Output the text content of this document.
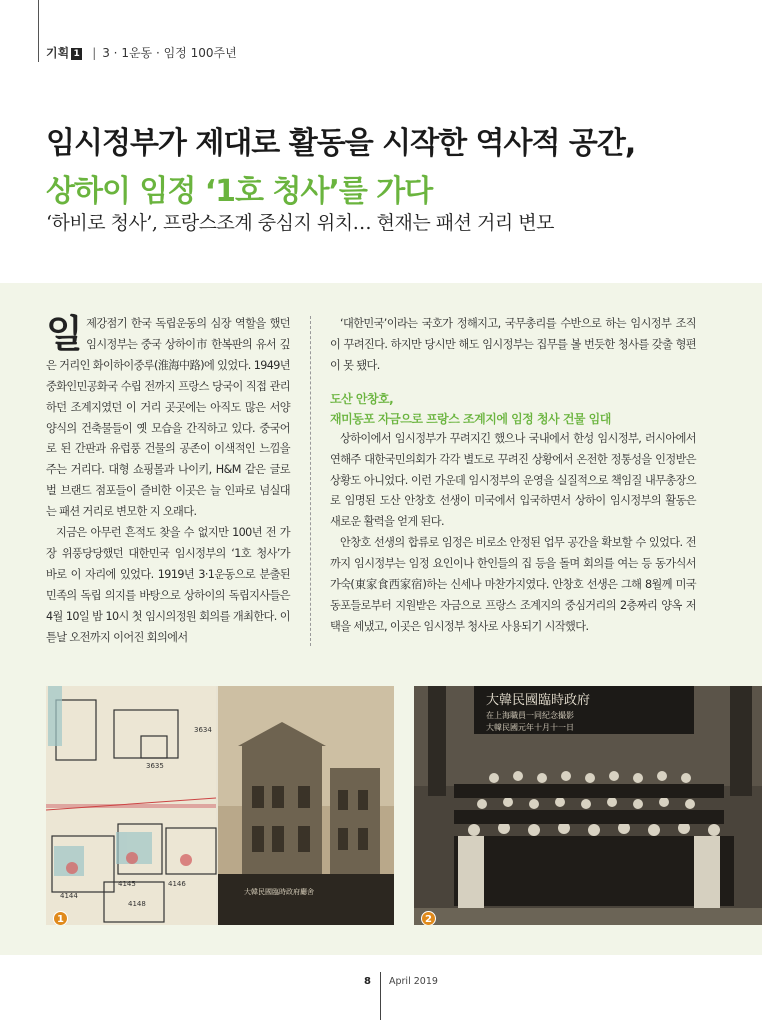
기획 1 | 3 · 1운동 · 임정 100주년
임시정부가 제대로 활동을 시작한 역사적 공간,
상하이 임정 ‘1호 청사’를 가다
‘하비로 청사’, 프랑스조계 중심지 위치… 현재는 패션 거리 변모

일제강점기 한국 독립운동의 심장 역할을 했던 임시정부는 중국 상하이市 한복판의 유서 깊은 거리인 화이하이중루(淮海中路)에 있었다. 1949년 중화인민공화국 수립 전까지 프랑스 당국이 직접 관리하던 조계지였던 이 거리 곳곳에는 아직도 많은 서양 양식의 건축물들이 옛 모습을 간직하고 있다. 중국어로 된 간판과 유럽풍 건물의 공존이 이색적인 느낌을 주는 거리다. 대형 쇼핑몰과 나이키, H&M 같은 글로벌 브랜드 점포들이 즐비한 이곳은 늘 인파로 넘실대는 패션 거리로 변모한 지 오래다.

지금은 아무런 흔적도 찾을 수 없지만 100년 전 가장 위풍당당했던 대한민국 임시정부의 ‘1호 청사’가 바로 이 자리에 있었다. 1919년 3·1운동으로 분출된 민족의 독립 의지를 바탕으로 상하이의 독립지사들은 4월 10일 밤 10시 첫 임시의정원 회의를 개최한다. 이튿날 오전까지 이어진 회의에서

‘대한민국’이라는 국호가 정해지고, 국무총리를 수반으로 하는 임시정부 조직이 꾸려진다. 하지만 당시만 해도 임시정부는 집무를 볼 번듯한 청사를 갖출 형편이 못 됐다.

도산 안창호,
재미동포 자금으로 프랑스 조계지에 임정 청사 건물 임대

상하이에서 임시정부가 꾸려지긴 했으나 국내에서 한성 임시정부, 러시아에서 연해주 대한국민의회가 각각 별도로 꾸려진 상황에서 온전한 정통성을 인정받은 상황도 아니었다. 이런 가운데 임시정부의 운영을 실질적으로 책임질 내무총장으로 임명된 도산 안창호 선생이 미국에서 입국하면서 상하이 임시정부의 활동은 새로운 활력을 얻게 된다.

안창호 선생의 합류로 임정은 비로소 안정된 업무 공간을 확보할 수 있었다. 전까지 임시정부는 임정 요인이나 한인들의 집 등을 돌며 회의를 여는 등 동가식서가숙(東家食西家宿)하는 신세나 마찬가지였다. 안창호 선생은 그해 8월께 미국 동포들로부터 지원받은 자금으로 프랑스 조계지의 중심거리의 2층짜리 양옥 저택을 세냈고, 이곳은 임시정부 청사로 사용되기 시작했다.

3634
3635
4145
4144
4146
4148
大韓民國臨時政府廳舍
1
大韓民國臨時政府
在上海職員一同紀念撮影
大韓民國元年十月十一日
2
8 April 2019
